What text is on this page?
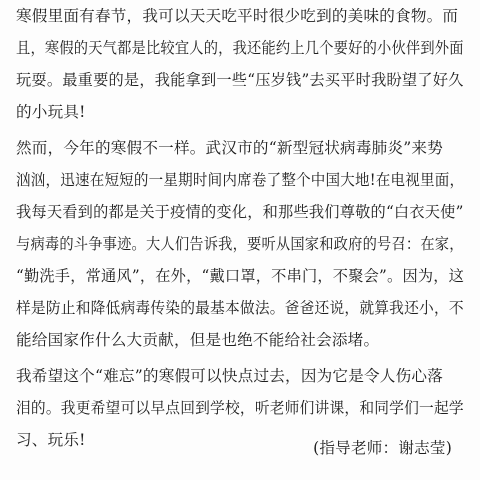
寒假里面有春节，我可以天天吃平时很少吃到的美味的食物。而
且，寒假的天气都是比较宜人的，我还能约上几个要好的小伙伴到外面
玩耍。最重要的是，我能拿到一些“压岁钱”去买平时我盼望了好久
的小玩具!
然而，今年的寒假不一样。武汉市的“新型冠状病毒肺炎”来势
汹汹，迅速在短短的一星期时间内席卷了整个中国大地!在电视里面，
我每天看到的都是关于疫情的变化，和那些我们尊敬的“白衣天使”
与病毒的斗争事迹。大人们告诉我，要听从国家和政府的号召：在家，
“勤洗手，常通风”，在外，“戴口罩，不串门，不聚会”。因为，这
样是防止和降低病毒传染的最基本做法。爸爸还说，就算我还小，不
能给国家作什么大贡献，但是也绝不能给社会添堵。
我希望这个“难忘”的寒假可以快点过去，因为它是令人伤心落
泪的。我更希望可以早点回到学校，听老师们讲课，和同学们一起学
习、玩乐!	(指导老师：谢志莹)
